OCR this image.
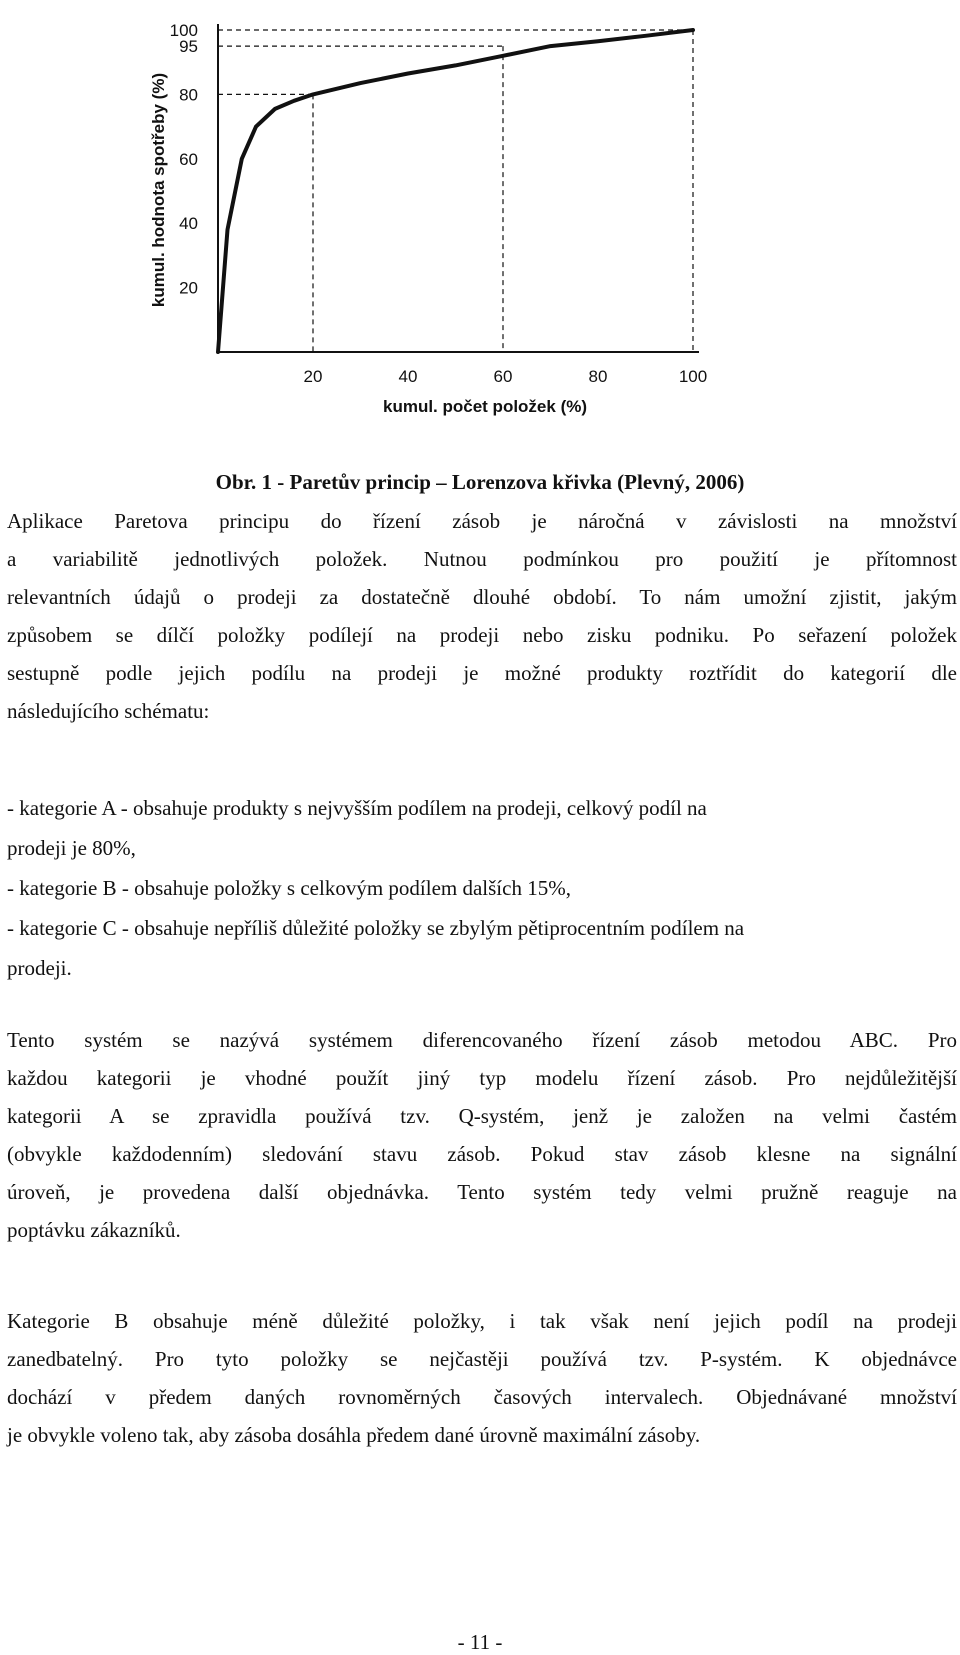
20	40	60	80	100
20
40
60
80
95
100
kumul. hodnota spotřeby (%)
kumul. počet položek (%)
Obr. 1 - Paretův princip – Lorenzova křivka (Plevný, 2006)
Aplikace Paretova principu do řízení zásob je náročná v závislosti na množství
a variabilitě jednotlivých položek. Nutnou podmínkou pro použití je přítomnost
relevantních údajů o prodeji za dostatečně dlouhé období. To nám umožní zjistit, jakým
způsobem se dílčí položky podílejí na prodeji nebo zisku podniku. Po seřazení položek
sestupně podle jejich podílu na prodeji je možné produkty roztřídit do kategorií dle
následujícího schématu:
- kategorie A - obsahuje produkty s nejvyšším podílem na prodeji, celkový podíl na
prodeji je 80%,
- kategorie B - obsahuje položky s celkovým podílem dalších 15%,
- kategorie C - obsahuje nepříliš důležité položky se zbylým pětiprocentním podílem na
prodeji.
Tento systém se nazývá systémem diferencovaného řízení zásob metodou ABC. Pro
každou kategorii je vhodné použít jiný typ modelu řízení zásob. Pro nejdůležitější
kategorii A se zpravidla používá tzv. Q-systém, jenž je založen na velmi častém
(obvykle každodenním) sledování stavu zásob. Pokud stav zásob klesne na signální
úroveň, je provedena další objednávka. Tento systém tedy velmi pružně reaguje na
poptávku zákazníků.
Kategorie B obsahuje méně důležité položky, i tak však není jejich podíl na prodeji
zanedbatelný. Pro tyto položky se nejčastěji používá tzv. P-systém. K objednávce
dochází v předem daných rovnoměrných časových intervalech. Objednávané množství
je obvykle voleno tak, aby zásoba dosáhla předem dané úrovně maximální zásoby.
- 11 -
